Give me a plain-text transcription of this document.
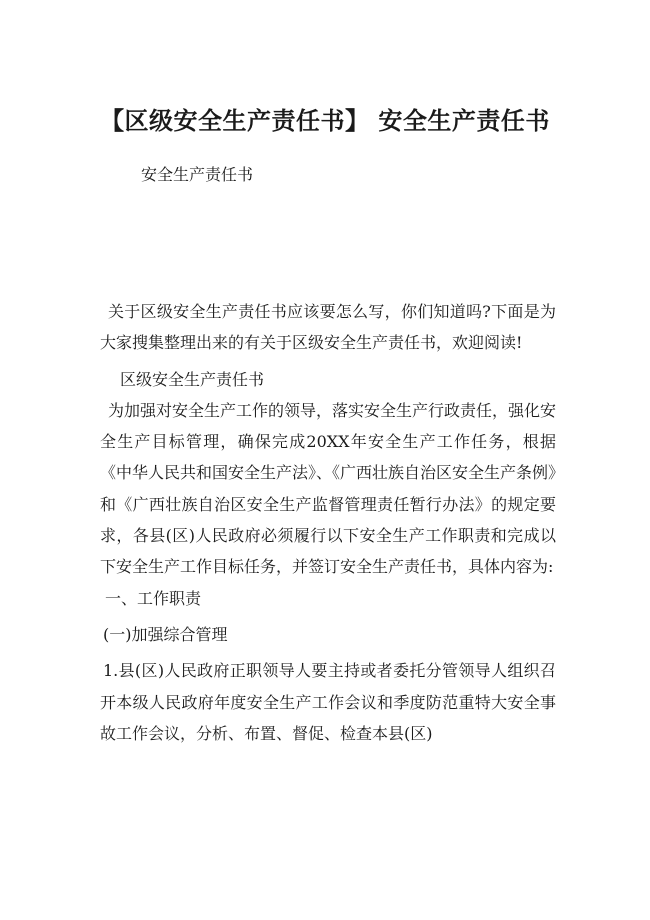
【区级安全生产责任书】 安全生产责任书
安全生产责任书

关于区级安全生产责任书应该要怎么写，你们知道吗?下面是为大家搜集整理出来的有关于区级安全生产责任书，欢迎阅读!

区级安全生产责任书

为加强对安全生产工作的领导，落实安全生产行政责任，强化安全生产目标管理，确保完成20XX年安全生产工作任务，根据《中华人民共和国安全生产法》、《广西壮族自治区安全生产条例》和《广西壮族自治区安全生产监督管理责任暂行办法》的规定要求，各县(区)人民政府必须履行以下安全生产工作职责和完成以下安全生产工作目标任务，并签订安全生产责任书，具体内容为:

一、工作职责

(一)加强综合管理

1.县(区)人民政府正职领导人要主持或者委托分管领导人组织召开本级人民政府年度安全生产工作会议和季度防范重特大安全事故工作会议，分析、布置、督促、检查本县(区)
